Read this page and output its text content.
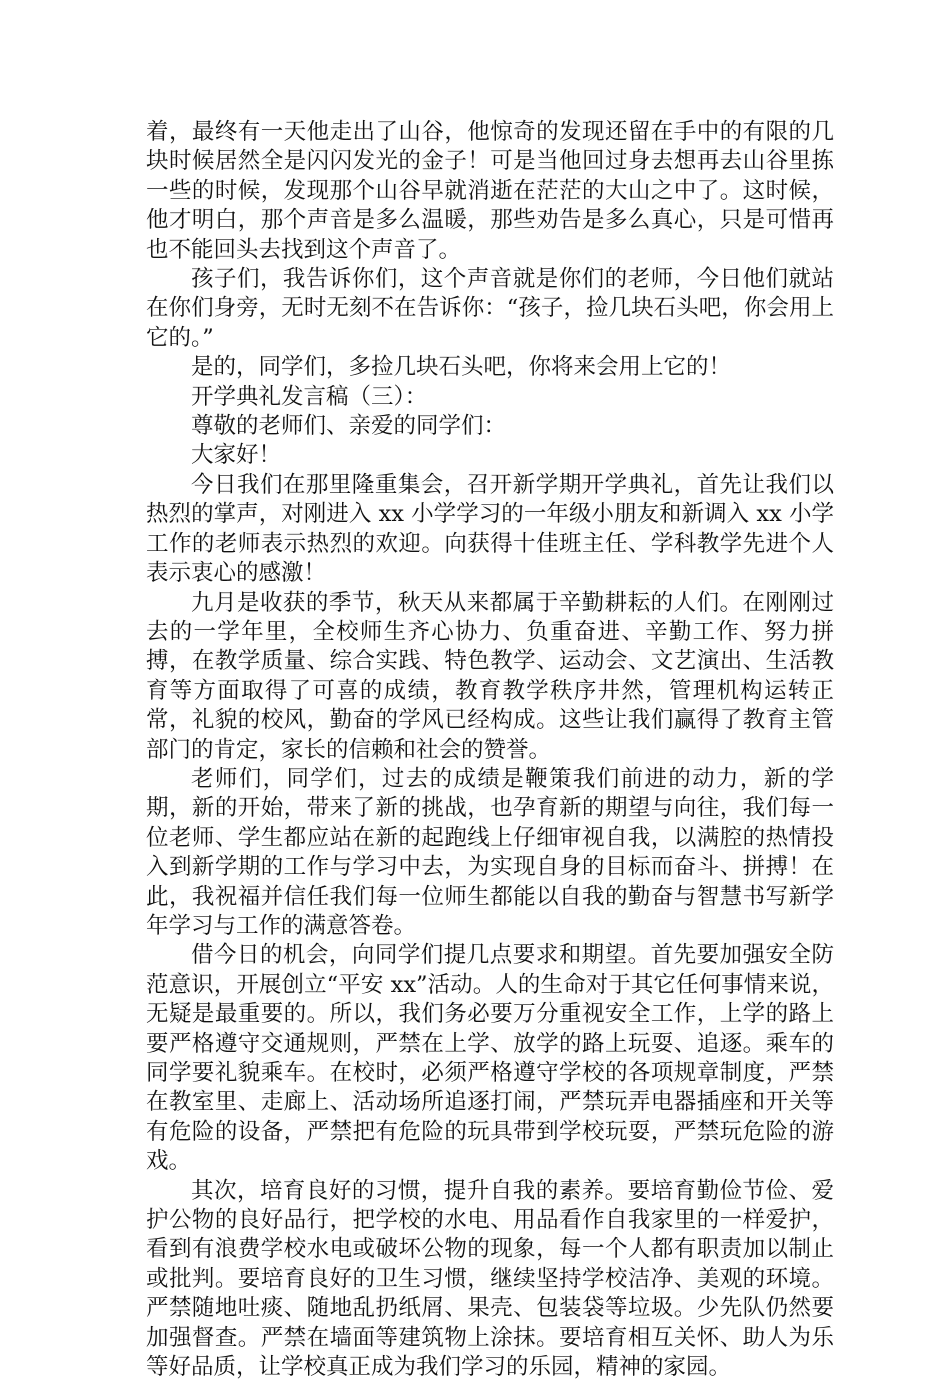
着，最终有一天他走出了山谷，他惊奇的发现还留在手中的有限的几块时候居然全是闪闪发光的金子！可是当他回过身去想再去山谷里拣一些的时候，发现那个山谷早就消逝在茫茫的大山之中了。这时候，他才明白，那个声音是多么温暖，那些劝告是多么真心，只是可惜再也不能回头去找到这个声音了。

孩子们，我告诉你们，这个声音就是你们的老师，今日他们就站在你们身旁，无时无刻不在告诉你：“孩子，捡几块石头吧，你会用上它的。”

是的，同学们，多捡几块石头吧，你将来会用上它的！

开学典礼发言稿（三）：

尊敬的老师们、亲爱的同学们：

大家好！

今日我们在那里隆重集会，召开新学期开学典礼，首先让我们以热烈的掌声，对刚进入 xx 小学学习的一年级小朋友和新调入 xx 小学工作的老师表示热烈的欢迎。向获得十佳班主任、学科教学先进个人表示衷心的感激！

九月是收获的季节，秋天从来都属于辛勤耕耘的人们。在刚刚过去的一学年里，全校师生齐心协力、负重奋进、辛勤工作、努力拼搏，在教学质量、综合实践、特色教学、运动会、文艺演出、生活教育等方面取得了可喜的成绩，教育教学秩序井然，管理机构运转正常，礼貌的校风，勤奋的学风已经构成。这些让我们赢得了教育主管部门的肯定，家长的信赖和社会的赞誉。

老师们，同学们，过去的成绩是鞭策我们前进的动力，新的学期，新的开始，带来了新的挑战，也孕育新的期望与向往，我们每一位老师、学生都应站在新的起跑线上仔细审视自我，以满腔的热情投入到新学期的工作与学习中去，为实现自身的目标而奋斗、拼搏！在此，我祝福并信任我们每一位师生都能以自我的勤奋与智慧书写新学年学习与工作的满意答卷。

借今日的机会，向同学们提几点要求和期望。首先要加强安全防范意识，开展创立“平安 xx”活动。人的生命对于其它任何事情来说，无疑是最重要的。所以，我们务必要万分重视安全工作，上学的路上要严格遵守交通规则，严禁在上学、放学的路上玩耍、追逐。乘车的同学要礼貌乘车。在校时，必须严格遵守学校的各项规章制度，严禁在教室里、走廊上、活动场所追逐打闹，严禁玩弄电器插座和开关等有危险的设备，严禁把有危险的玩具带到学校玩耍，严禁玩危险的游戏。

其次，培育良好的习惯，提升自我的素养。要培育勤俭节俭、爱护公物的良好品行，把学校的水电、用品看作自我家里的一样爱护，看到有浪费学校水电或破坏公物的现象，每一个人都有职责加以制止或批判。要培育良好的卫生习惯，继续坚持学校洁净、美观的环境。严禁随地吐痰、随地乱扔纸屑、果壳、包装袋等垃圾。少先队仍然要加强督查。严禁在墙面等建筑物上涂抹。要培育相互关怀、助人为乐等好品质，让学校真正成为我们学习的乐园，精神的家园。
